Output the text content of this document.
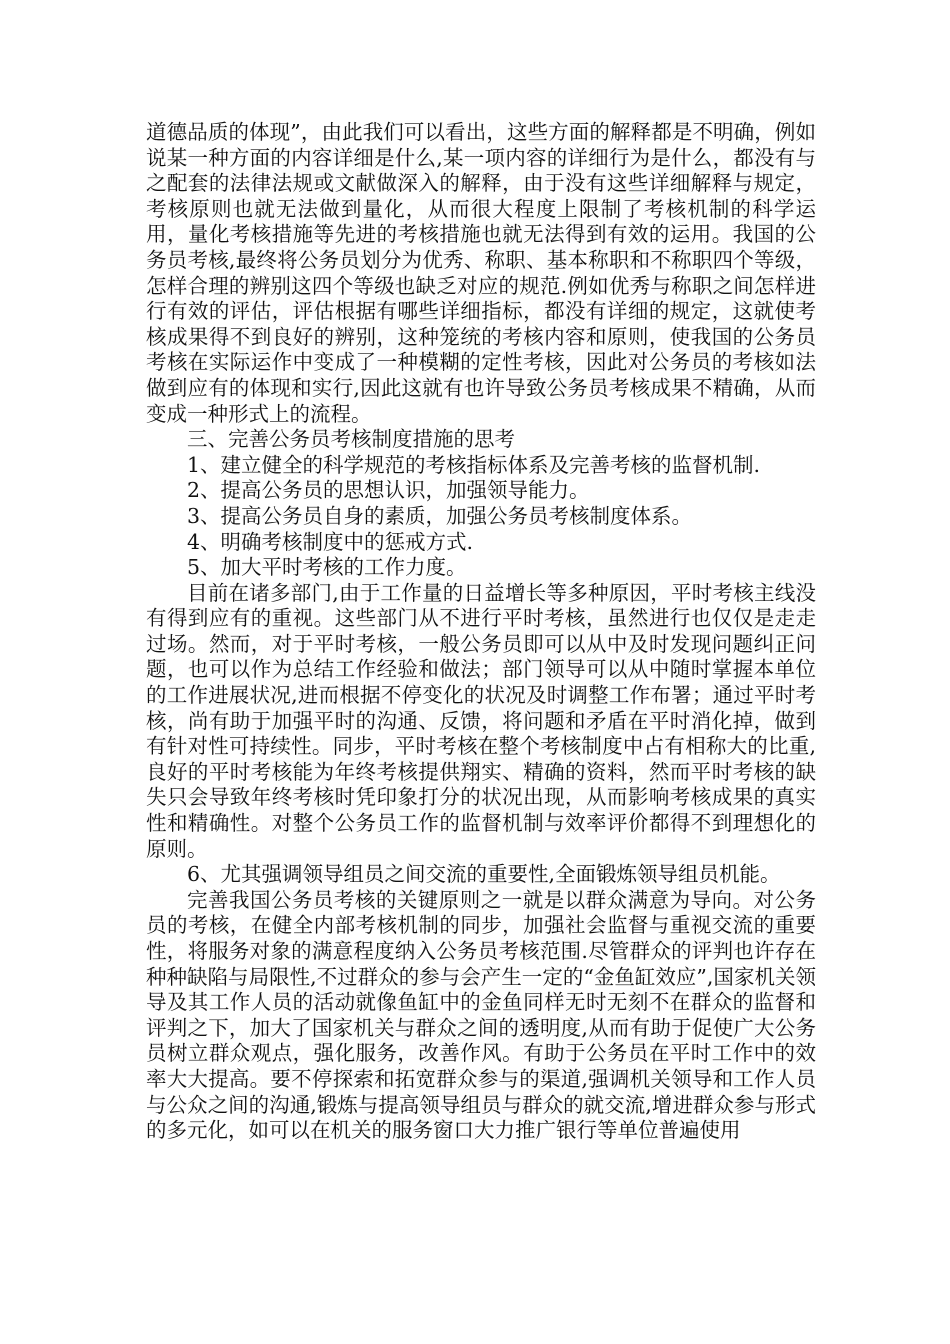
道德品质的体现”，由此我们可以看出，这些方面的解释都是不明确，例如说某一种方面的内容详细是什么,某一项内容的详细行为是什么，都没有与之配套的法律法规或文献做深入的解释，由于没有这些详细解释与规定，考核原则也就无法做到量化，从而很大程度上限制了考核机制的科学运用，量化考核措施等先进的考核措施也就无法得到有效的运用。我国的公务员考核,最终将公务员划分为优秀、称职、基本称职和不称职四个等级，怎样合理的辨别这四个等级也缺乏对应的规范.例如优秀与称职之间怎样进行有效的评估，评估根据有哪些详细指标，都没有详细的规定，这就使考核成果得不到良好的辨别，这种笼统的考核内容和原则，使我国的公务员考核在实际运作中变成了一种模糊的定性考核，因此对公务员的考核如法做到应有的体现和实行,因此这就有也许导致公务员考核成果不精确，从而变成一种形式上的流程。

三、完善公务员考核制度措施的思考

1、建立健全的科学规范的考核指标体系及完善考核的监督机制.

2、提高公务员的思想认识，加强领导能力。

3、提高公务员自身的素质，加强公务员考核制度体系。

4、明确考核制度中的惩戒方式.

5、加大平时考核的工作力度。

目前在诸多部门,由于工作量的日益增长等多种原因，平时考核主线没有得到应有的重视。这些部门从不进行平时考核，虽然进行也仅仅是走走过场。然而，对于平时考核，一般公务员即可以从中及时发现问题纠正问题，也可以作为总结工作经验和做法；部门领导可以从中随时掌握本单位的工作进展状况,进而根据不停变化的状况及时调整工作布署；通过平时考核，尚有助于加强平时的沟通、反馈，将问题和矛盾在平时消化掉，做到有针对性可持续性。同步，平时考核在整个考核制度中占有相称大的比重,良好的平时考核能为年终考核提供翔实、精确的资料，然而平时考核的缺失只会导致年终考核时凭印象打分的状况出现，从而影响考核成果的真实性和精确性。对整个公务员工作的监督机制与效率评价都得不到理想化的原则。

6、尤其强调领导组员之间交流的重要性,全面锻炼领导组员机能。

完善我国公务员考核的关键原则之一就是以群众满意为导向。对公务员的考核，在健全内部考核机制的同步，加强社会监督与重视交流的重要性，将服务对象的满意程度纳入公务员考核范围.尽管群众的评判也许存在种种缺陷与局限性,不过群众的参与会产生一定的“金鱼缸效应”,国家机关领导及其工作人员的活动就像鱼缸中的金鱼同样无时无刻不在群众的监督和评判之下，加大了国家机关与群众之间的透明度,从而有助于促使广大公务员树立群众观点，强化服务，改善作风。有助于公务员在平时工作中的效率大大提高。要不停探索和拓宽群众参与的渠道,强调机关领导和工作人员与公众之间的沟通,锻炼与提高领导组员与群众的就交流,增进群众参与形式的多元化，如可以在机关的服务窗口大力推广银行等单位普遍使用
